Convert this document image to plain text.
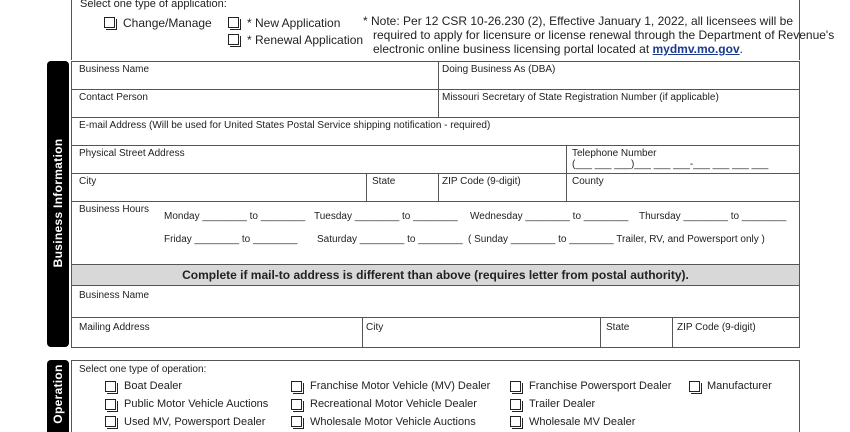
Select one type of application:
Change/Manage	* New Application
* Renewal Application
* Note: Per 12 CSR 10-26.230 (2), Effective January 1, 2022, all licensees will be
required to apply for licensure or license renewal through the Department of Revenue's
electronic online business licensing portal located at mydmv.mo.gov.
Business Information
Business Name	Doing Business As (DBA)
Contact Person	Missouri Secretary of State Registration Number (if applicable)
E-mail Address (Will be used for United States Postal Service shipping notification - required)
Physical Street Address	Telephone Number
(___ ___ ___)___ ___ ___-___ ___ ___ ___
City	State	ZIP Code (9-digit)	County
Business Hours
Monday ________ to ________ Tuesday ________ to ________ Wednesday ________ to ________ Thursday ________ to ________
Friday ________ to ________ Saturday ________ to ________ ( Sunday ________ to ________ Trailer, RV, and Powersport only )
Complete if mail-to address is different than above (requires letter from postal authority).
Business Name
Mailing Address	City	State	ZIP Code (9-digit)
Operation Select one type of operation:
Boat Dealer
Public Motor Vehicle Auctions
Used MV, Powersport Dealer
Franchise Motor Vehicle (MV) Dealer
Recreational Motor Vehicle Dealer
Wholesale Motor Vehicle Auctions
Franchise Powersport Dealer
Trailer Dealer
Wholesale MV Dealer
Manufacturer
